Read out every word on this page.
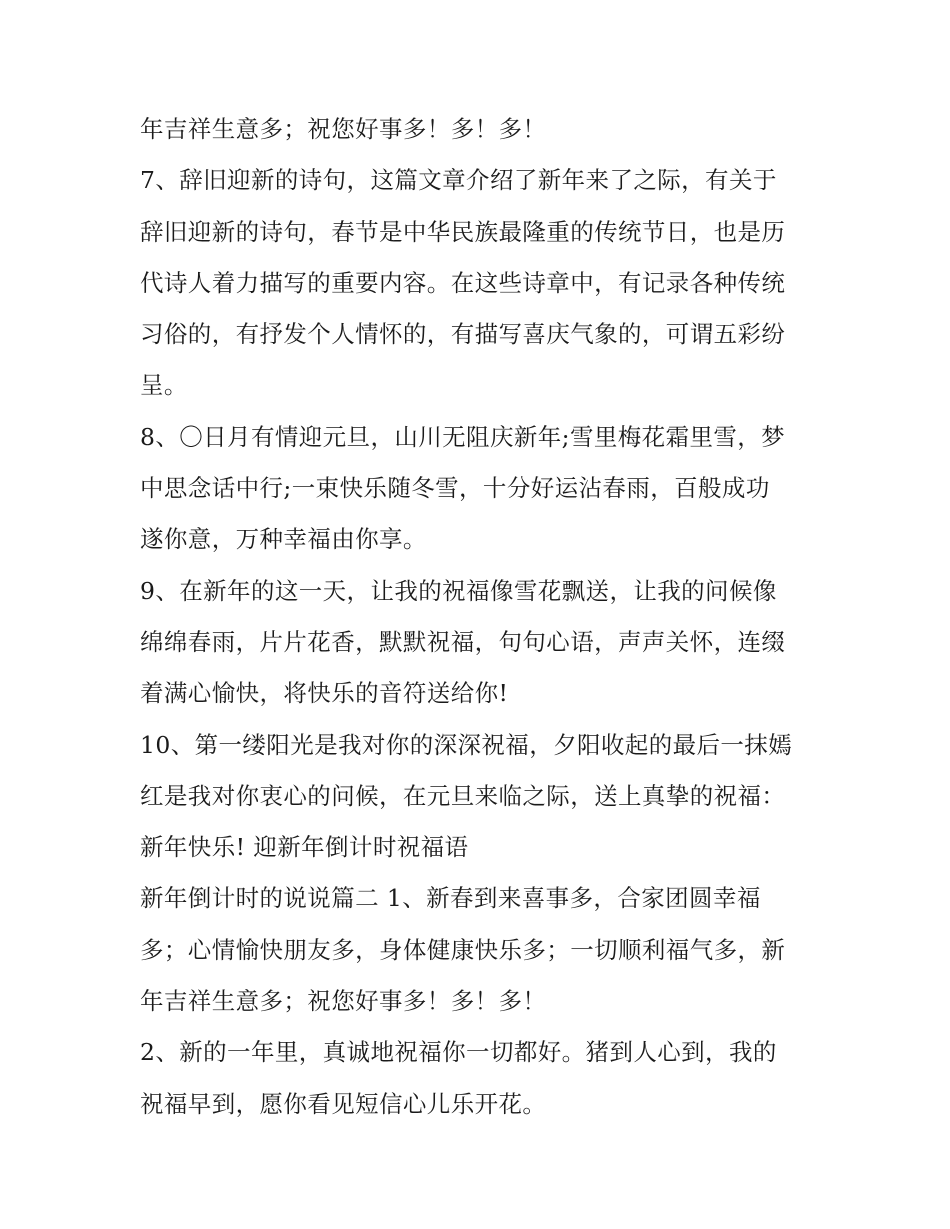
年吉祥生意多；祝您好事多！多！多！
7、辞旧迎新的诗句，这篇文章介绍了新年来了之际，有关于
辞旧迎新的诗句，春节是中华民族最隆重的传统节日，也是历
代诗人着力描写的重要内容。在这些诗章中，有记录各种传统
习俗的，有抒发个人情怀的，有描写喜庆气象的，可谓五彩纷
呈。
8、〇日月有情迎元旦，山川无阻庆新年;雪里梅花霜里雪，梦
中思念话中行;一束快乐随冬雪，十分好运沾春雨，百般成功
遂你意，万种幸福由你享。
9、在新年的这一天，让我的祝福像雪花飘送，让我的问候像
绵绵春雨，片片花香，默默祝福，句句心语，声声关怀，连缀
着满心愉快，将快乐的音符送给你!
10、第一缕阳光是我对你的深深祝福，夕阳收起的最后一抹嫣
红是我对你衷心的问候，在元旦来临之际，送上真挚的祝福：
新年快乐! 迎新年倒计时祝福语
新年倒计时的说说篇二 1、新春到来喜事多，合家团圆幸福
多；心情愉快朋友多，身体健康快乐多；一切顺利福气多，新
年吉祥生意多；祝您好事多！多！多！
2、新的一年里，真诚地祝福你一切都好。猪到人心到，我的
祝福早到，愿你看见短信心儿乐开花。
